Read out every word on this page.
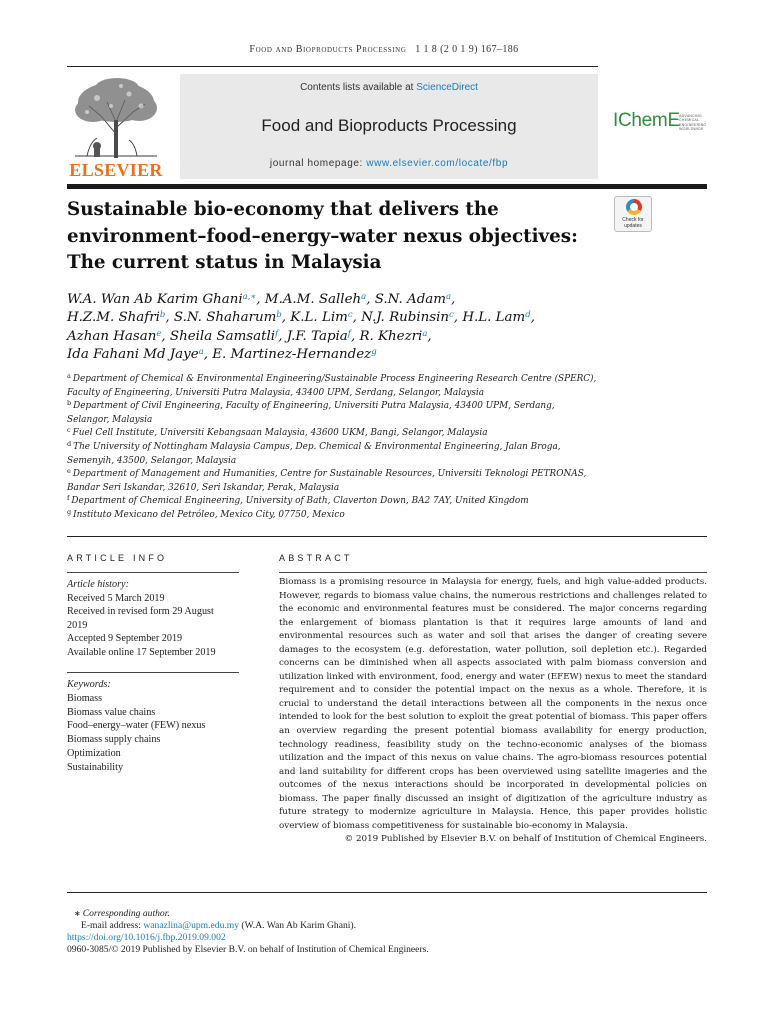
Food and Bioproducts Processing 1 1 8 (2 0 1 9) 167–186
ELSEVIER
Contents lists available at ScienceDirect
Food and Bioproducts Processing
journal homepage: www.elsevier.com/locate/fbp
IChemE ADVANCING CHEMICAL ENGINEERING WORLDWIDE
Sustainable bio-economy that delivers the
environment–food–energy–water nexus objectives:
The current status in Malaysia
Check for updates
W.A. Wan Ab Karim Ghani$^{a,∗}$, M.A.M. Salleh$^a$, S.N. Adam$^a$,
H.Z.M. Shafri$^b$, S.N. Shaharum$^b$, K.L. Lim$^c$, N.J. Rubinsin$^c$, H.L. Lam$^d$,
Azhan Hasan$^e$, Sheila Samsatli$^f$, J.F. Tapia$^f$, R. Khezri$^a$,
Ida Fahani Md Jaye$^a$, E. Martinez-Hernandez$^g$
$^a$ Department of Chemical & Environmental Engineering/Sustainable Process Engineering Research Centre (SPERC),
Faculty of Engineering, Universiti Putra Malaysia, 43400 UPM, Serdang, Selangor, Malaysia
$^b$ Department of Civil Engineering, Faculty of Engineering, Universiti Putra Malaysia, 43400 UPM, Serdang,
Selangor, Malaysia
$^c$ Fuel Cell Institute, Universiti Kebangsaan Malaysia, 43600 UKM, Bangi, Selangor, Malaysia
$^d$ The University of Nottingham Malaysia Campus, Dep. Chemical & Environmental Engineering, Jalan Broga,
Semenyih, 43500, Selangor, Malaysia
$^e$ Department of Management and Humanities, Centre for Sustainable Resources, Universiti Teknologi PETRONAS,
Bandar Seri Iskandar, 32610, Seri Iskandar, Perak, Malaysia
$^f$ Department of Chemical Engineering, University of Bath, Claverton Down, BA2 7AY, United Kingdom
$^g$ Instituto Mexicano del Petróleo, Mexico City, 07750, Mexico
ARTICLE INFO
Article history:
Received 5 March 2019
Received in revised form 29 August
2019
Accepted 9 September 2019
Available online 17 September 2019
Keywords:
Biomass
Biomass value chains
Food–energy–water (FEW) nexus
Biomass supply chains
Optimization
Sustainability
ABSTRACT

Biomass is a promising resource in Malaysia for energy, fuels, and high value-added products. However, regards to biomass value chains, the numerous restrictions and challenges related to the economic and environmental features must be considered. The major concerns regarding the enlargement of biomass plantation is that it requires large amounts of land and environmental resources such as water and soil that arises the danger of creating severe damages to the ecosystem (e.g. deforestation, water pollution, soil depletion etc.). Regarded concerns can be diminished when all aspects associated with palm biomass conversion and utilization linked with environment, food, energy and water (EFEW) nexus to meet the standard requirement and to consider the potential impact on the nexus as a whole. Therefore, it is crucial to understand the detail interactions between all the components in the nexus once intended to look for the best solution to exploit the great potential of biomass. This paper offers an overview regarding the present potential biomass availability for energy production, technology readiness, feasibility study on the techno-economic analyses of the biomass utilization and the impact of this nexus on value chains. The agro-biomass resources potential and land suitability for different crops has been overviewed using satellite imageries and the outcomes of the nexus interactions should be incorporated in developmental policies on biomass. The paper finally discussed an insight of digitization of the agriculture industry as future strategy to modernize agriculture in Malaysia. Hence, this paper provides holistic overview of biomass competitiveness for sustainable bio-economy in Malaysia.

© 2019 Published by Elsevier B.V. on behalf of Institution of Chemical Engineers.

∗ Corresponding author.
E-mail address: wanazlina@upm.edu.my (W.A. Wan Ab Karim Ghani).
https://doi.org/10.1016/j.fbp.2019.09.002
0960-3085/© 2019 Published by Elsevier B.V. on behalf of Institution of Chemical Engineers.
